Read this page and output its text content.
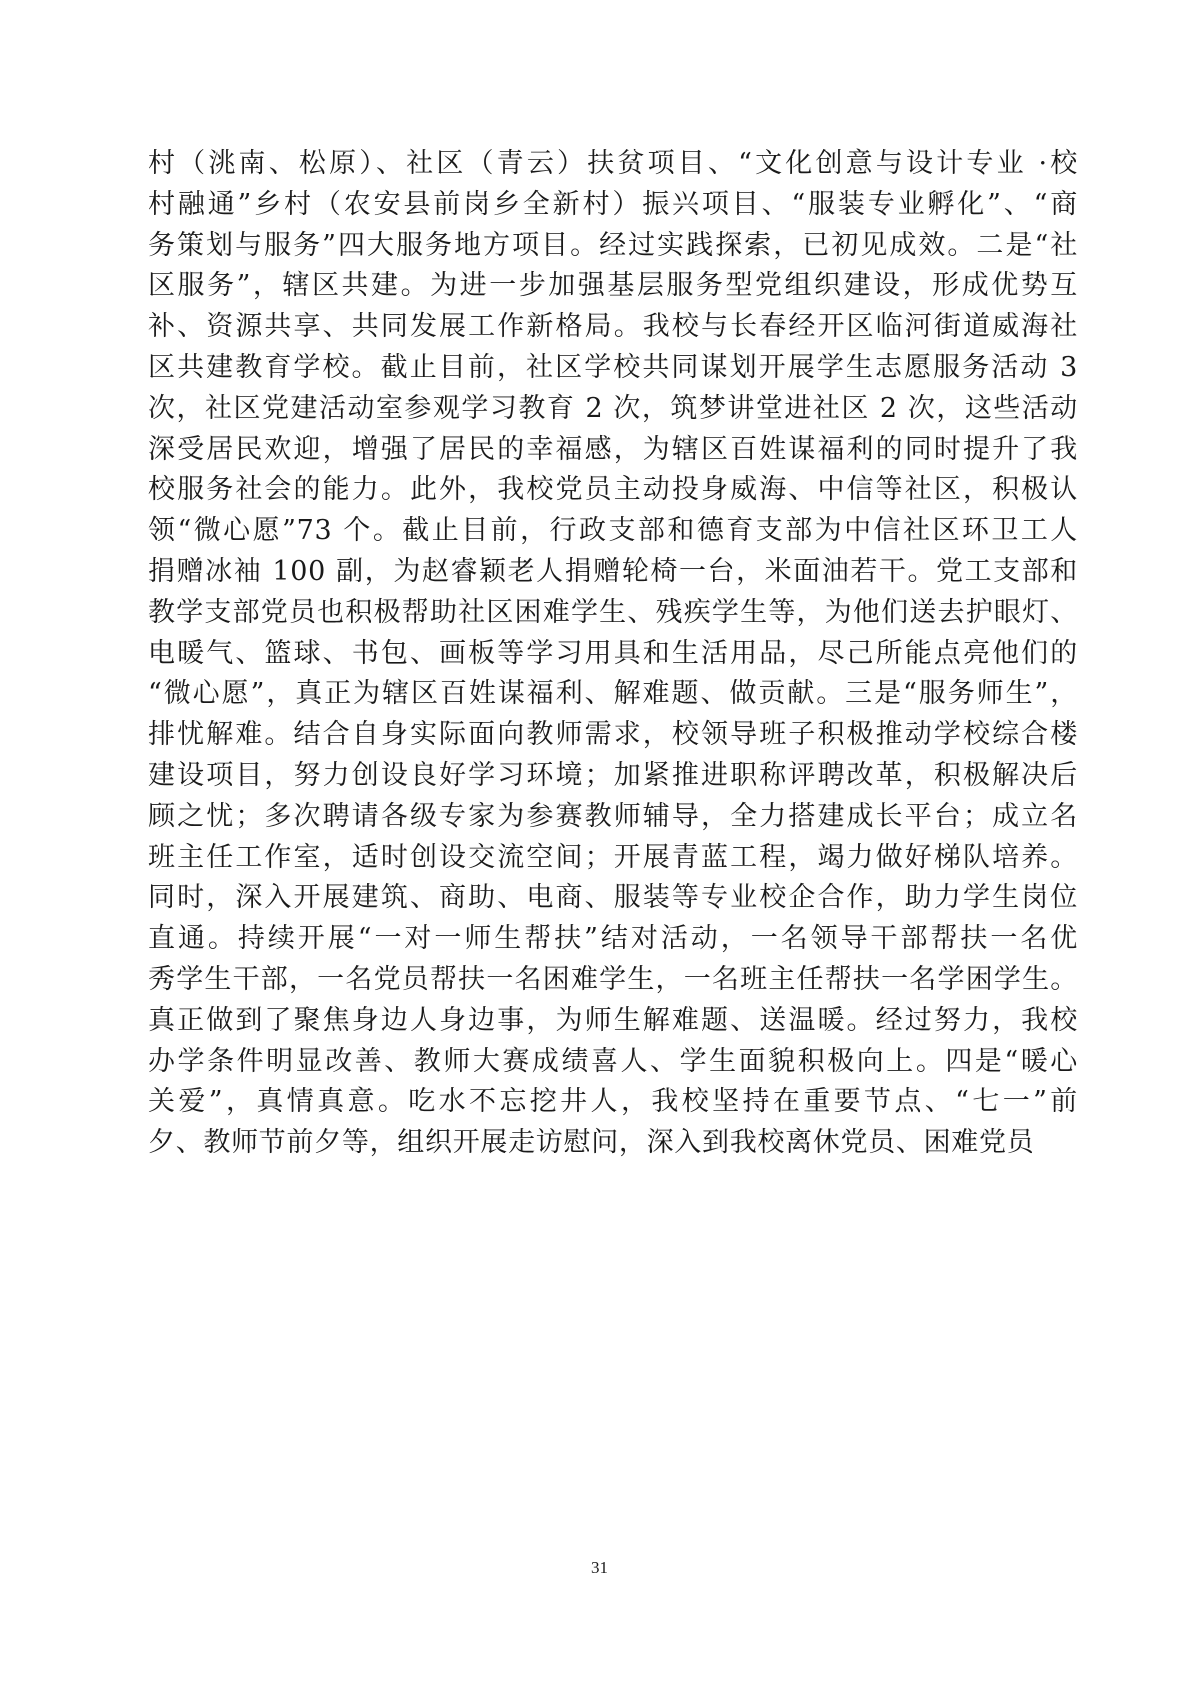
村（洮南、松原）、社区（青云）扶贫项目、“文化创意与设计专业 ·校
村融通”乡村（农安县前岗乡全新村）振兴项目、“服装专业孵化”、“商
务策划与服务”四大服务地方项目。经过实践探索，已初见成效。二是“社
区服务”，辖区共建。为进一步加强基层服务型党组织建设，形成优势互
补、资源共享、共同发展工作新格局。我校与长春经开区临河街道威海社
区共建教育学校。截止目前，社区学校共同谋划开展学生志愿服务活动 3
次，社区党建活动室参观学习教育 2 次，筑梦讲堂进社区 2 次，这些活动
深受居民欢迎，增强了居民的幸福感，为辖区百姓谋福利的同时提升了我
校服务社会的能力。此外，我校党员主动投身威海、中信等社区，积极认
领“微心愿”73 个。截止目前，行政支部和德育支部为中信社区环卫工人
捐赠冰袖 100 副，为赵睿颖老人捐赠轮椅一台，米面油若干。党工支部和
教学支部党员也积极帮助社区困难学生、残疾学生等，为他们送去护眼灯、
电暖气、篮球、书包、画板等学习用具和生活用品，尽己所能点亮他们的
“微心愿”，真正为辖区百姓谋福利、解难题、做贡献。三是“服务师生”，
排忧解难。结合自身实际面向教师需求，校领导班子积极推动学校综合楼
建设项目，努力创设良好学习环境；加紧推进职称评聘改革，积极解决后
顾之忧；多次聘请各级专家为参赛教师辅导，全力搭建成长平台；成立名
班主任工作室，适时创设交流空间；开展青蓝工程，竭力做好梯队培养。
同时，深入开展建筑、商助、电商、服装等专业校企合作，助力学生岗位
直通。持续开展“一对一师生帮扶”结对活动，一名领导干部帮扶一名优
秀学生干部，一名党员帮扶一名困难学生，一名班主任帮扶一名学困学生。
真正做到了聚焦身边人身边事，为师生解难题、送温暖。经过努力，我校
办学条件明显改善、教师大赛成绩喜人、学生面貌积极向上。四是“暖心
关爱”，真情真意。吃水不忘挖井人，我校坚持在重要节点、“七一”前
夕、教师节前夕等，组织开展走访慰问，深入到我校离休党员、困难党员
31
